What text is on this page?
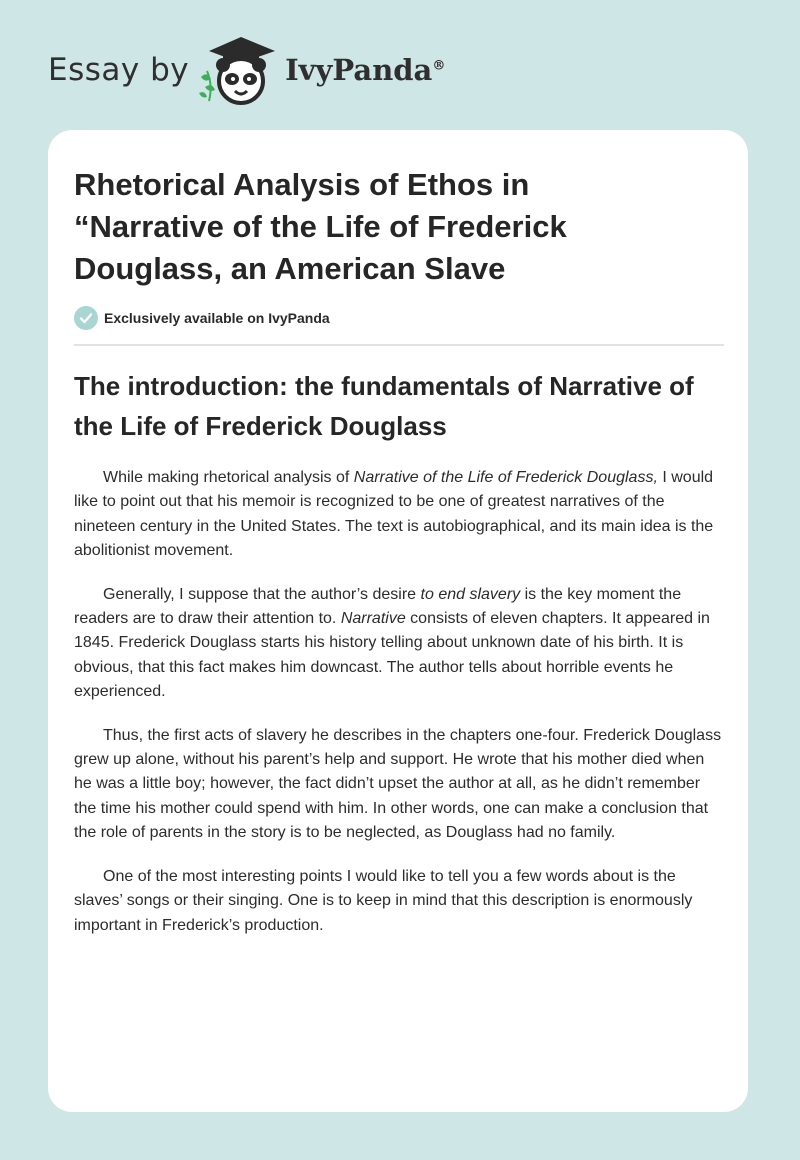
Essay by	IvyPanda®
Rhetorical Analysis of Ethos in “Narrative of the Life of Frederick Douglass, an American Slave
Exclusively available on IvyPanda
The introduction: the fundamentals of Narrative of the Life of Frederick Douglass

While making rhetorical analysis of Narrative of the Life of Frederick Douglass, I would like to point out that his memoir is recognized to be one of greatest narratives of the nineteen century in the United States. The text is autobiographical, and its main idea is the abolitionist movement.

Generally, I suppose that the author’s desire to end slavery is the key moment the readers are to draw their attention to. Narrative consists of eleven chapters. It appeared in 1845. Frederick Douglass starts his history telling about unknown date of his birth. It is obvious, that this fact makes him downcast. The author tells about horrible events he experienced.

Thus, the first acts of slavery he describes in the chapters one-four. Frederick Douglass grew up alone, without his parent’s help and support. He wrote that his mother died when he was a little boy; however, the fact didn’t upset the author at all, as he didn’t remember the time his mother could spend with him. In other words, one can make a conclusion that the role of parents in the story is to be neglected, as Douglass had no family.

One of the most interesting points I would like to tell you a few words about is the slaves’ songs or their singing. One is to keep in mind that this description is enormously important in Frederick’s production.
